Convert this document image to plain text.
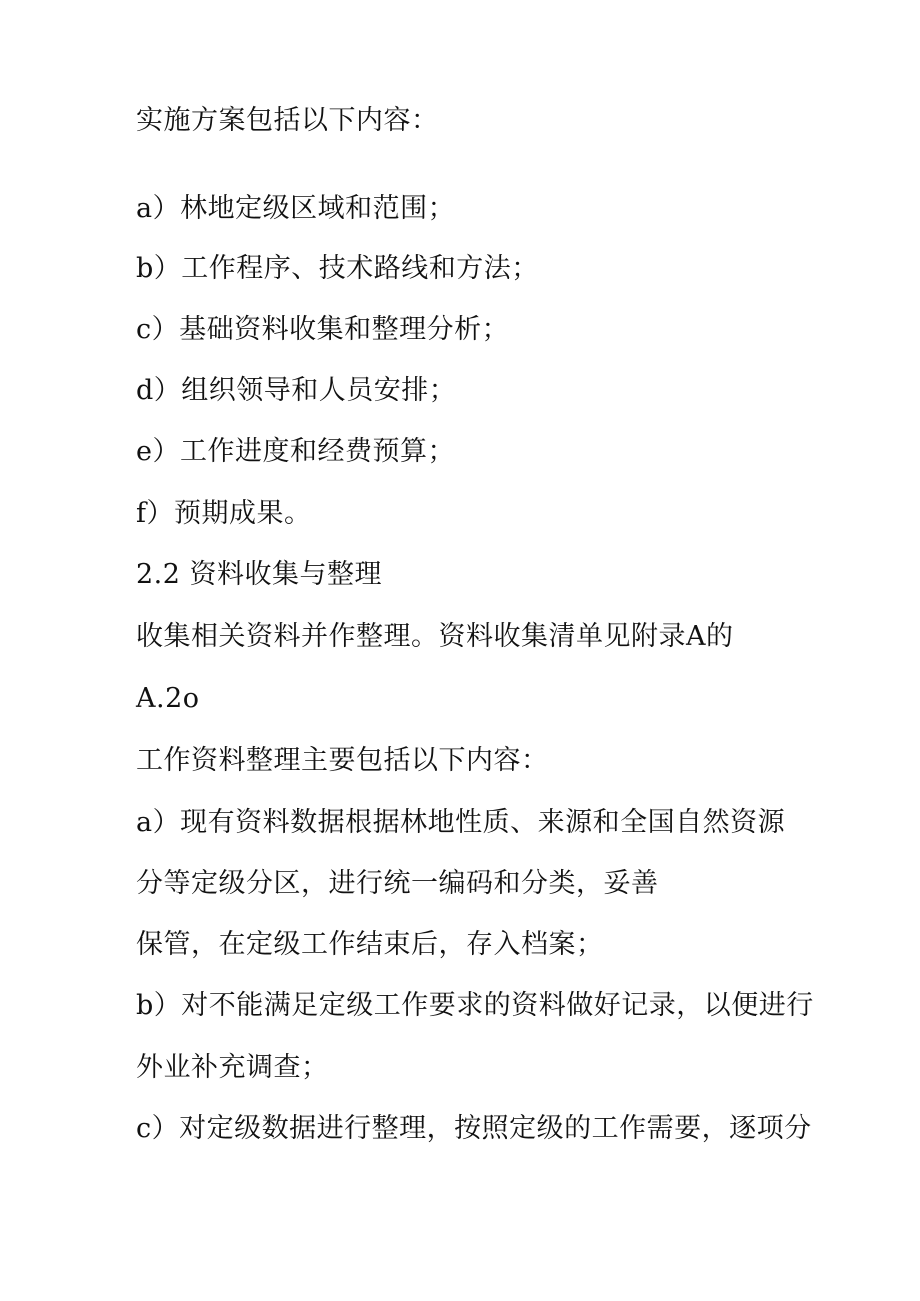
实施方案包括以下内容：
a）林地定级区域和范围；
b）工作程序、技术路线和方法；
c）基础资料收集和整理分析；
d）组织领导和人员安排；
e）工作进度和经费预算；
f）预期成果。
2.2 资料收集与整理
收集相关资料并作整理。资料收集清单见附录A的
A.2o
工作资料整理主要包括以下内容：
a）现有资料数据根据林地性质、来源和全国自然资源
分等定级分区，进行统一编码和分类，妥善
保管，在定级工作结束后，存入档案；
b）对不能满足定级工作要求的资料做好记录，以便进行
外业补充调查；
c）对定级数据进行整理，按照定级的工作需要，逐项分
